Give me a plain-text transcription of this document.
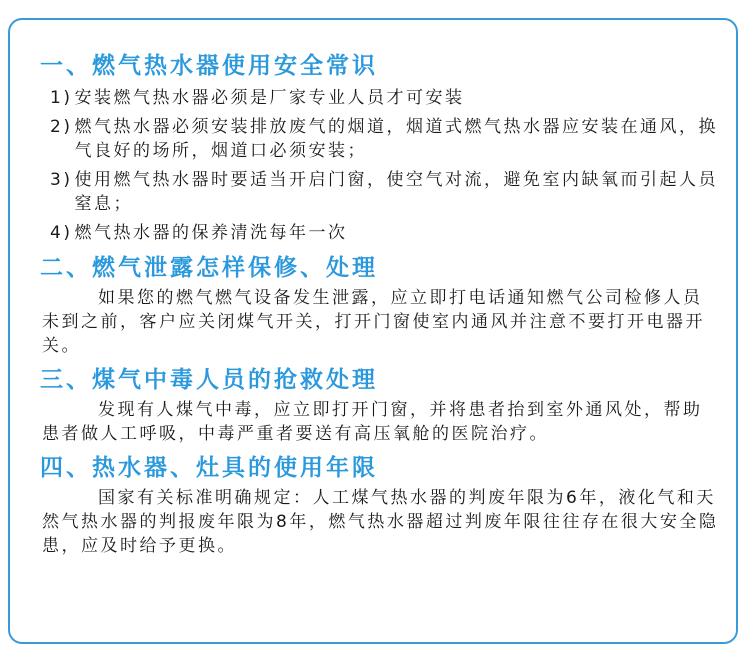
一、燃气热水器使用安全常识
1) 安装燃气热水器必须是厂家专业人员才可安装
2) 燃气热水器必须安装排放废气的烟道，烟道式燃气热水器应安装在通风，换气良好的场所，烟道口必须安装；
3) 使用燃气热水器时要适当开启门窗，使空气对流，避免室内缺氧而引起人员窒息；
4) 燃气热水器的保养清洗每年一次
二、燃气泄露怎样保修、处理

如果您的燃气燃气设备发生泄露，应立即打电话通知燃气公司检修人员未到之前，客户应关闭煤气开关，打开门窗使室内通风并注意不要打开电器开关。

三、煤气中毒人员的抢救处理

发现有人煤气中毒，应立即打开门窗，并将患者抬到室外通风处，帮助患者做人工呼吸，中毒严重者要送有高压氧舱的医院治疗。

四、热水器、灶具的使用年限

国家有关标准明确规定：人工煤气热水器的判废年限为6年，液化气和天然气热水器的判报废年限为8年，燃气热水器超过判废年限往往存在很大安全隐患，应及时给予更换。
